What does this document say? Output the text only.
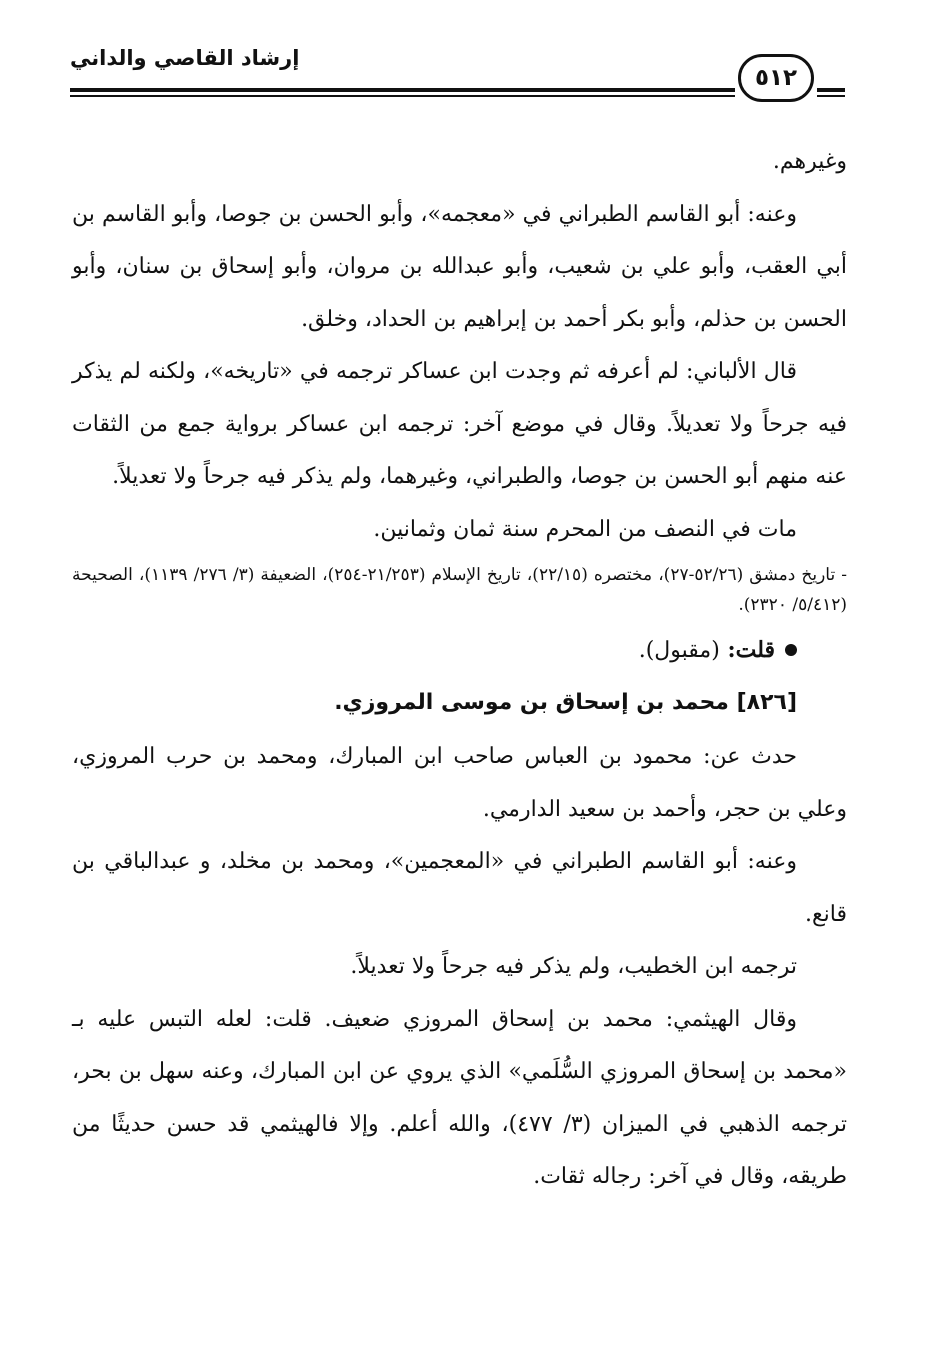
إرشاد القاصي والداني
٥١٢

وغيرهم.

وعنه: أبو القاسم الطبراني في «معجمه»، وأبو الحسن بن جوصا، وأبو القاسم بن أبي العقب، وأبو علي بن شعيب، وأبو عبدالله بن مروان، وأبو إسحاق بن سنان، وأبو الحسن بن حذلم، وأبو بكر أحمد بن إبراهيم بن الحداد، وخلق.

قال الألباني: لم أعرفه ثم وجدت ابن عساكر ترجمه في «تاريخه»، ولكنه لم يذكر فيه جرحاً ولا تعديلاً. وقال في موضع آخر: ترجمه ابن عساكر برواية جمع من الثقات عنه منهم أبو الحسن بن جوصا، والطبراني، وغيرهما، ولم يذكر فيه جرحاً ولا تعديلاً.

مات في النصف من المحرم سنة ثمان وثمانين.

- تاريخ دمشق (٥٢/٢٦-٢٧)، مختصره (٢٢/١٥)، تاريخ الإسلام (٢١/٢٥٣-٢٥٤)، الضعيفة (٣/ ٢٧٦/ ١١٣٩)، الصحيحة (٥/٤١٢/ ٢٣٢٠).

قلت: (مقبول).

[٨٢٦] محمد بن إسحاق بن موسى المروزي.

حدث عن: محمود بن العباس صاحب ابن المبارك، ومحمد بن حرب المروزي، وعلي بن حجر، وأحمد بن سعيد الدارمي.

وعنه: أبو القاسم الطبراني في «المعجمين»، ومحمد بن مخلد، و عبدالباقي بن قانع.

ترجمه ابن الخطيب، ولم يذكر فيه جرحاً ولا تعديلاً.

وقال الهيثمي: محمد بن إسحاق المروزي ضعيف. قلت: لعله التبس عليه بـ «محمد بن إسحاق المروزي السُّلَمي» الذي يروي عن ابن المبارك، وعنه سهل بن بحر، ترجمه الذهبي في الميزان (٣/ ٤٧٧)، والله أعلم. وإلا فالهيثمي قد حسن حديثًا من طريقه، وقال في آخر: رجاله ثقات.
